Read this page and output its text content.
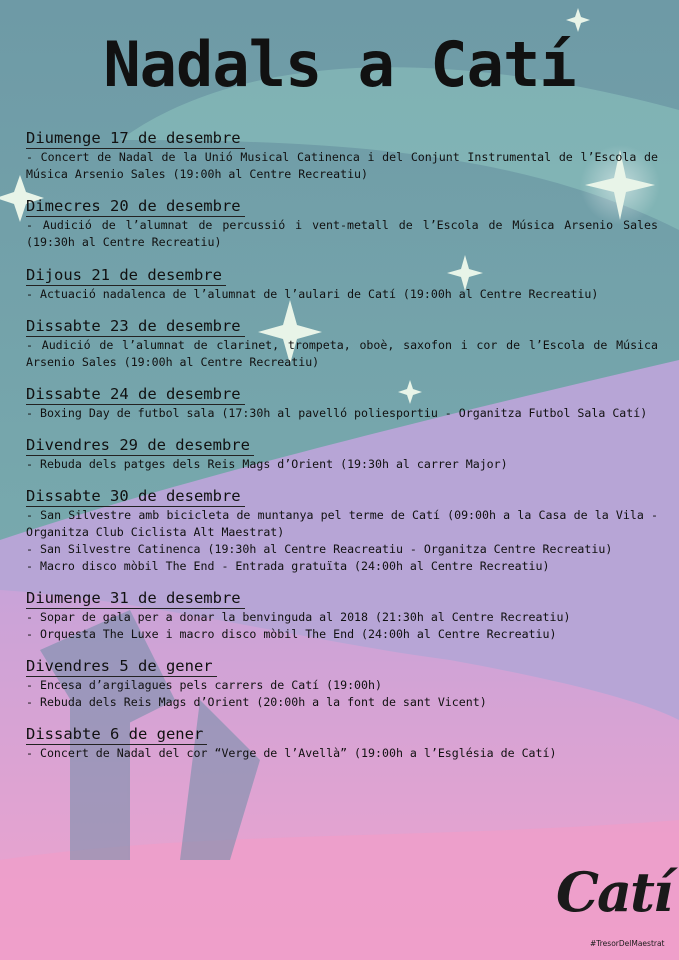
Nadals a Catí
Diumenge 17 de desembre

- Concert de Nadal de la Unió Musical Catinenca i del Conjunt Instrumental de l’Escola de Música Arsenio Sales (19:00h al Centre Recreatiu)

Dimecres 20 de desembre

- Audició de l’alumnat de percussió i vent-metall de l’Escola de Música Arsenio Sales (19:30h al Centre Recreatiu)

Dijous 21 de desembre

- Actuació nadalenca de l’alumnat de l’aulari de Catí (19:00h al Centre Recreatiu)

Dissabte 23 de desembre

- Audició de l’alumnat de clarinet, trompeta, oboè, saxofon i cor de l’Escola de Música Arsenio Sales (19:00h al Centre Recreatiu)

Dissabte 24 de desembre

- Boxing Day de futbol sala (17:30h al pavelló poliesportiu - Organitza Futbol Sala Catí)

Divendres 29 de desembre

- Rebuda dels patges dels Reis Mags d’Orient (19:30h al carrer Major)

Dissabte 30 de desembre

- San Silvestre amb bicicleta de muntanya pel terme de Catí (09:00h a la Casa de la Vila - Organitza Club Ciclista Alt Maestrat)

- San Silvestre Catinenca (19:30h al Centre Reacreatiu - Organitza Centre Recreatiu)

- Macro disco mòbil The End - Entrada gratuïta (24:00h al Centre Recreatiu)

Diumenge 31 de desembre

- Sopar de gala per a donar la benvinguda al 2018 (21:30h al Centre Recreatiu)

- Orquesta The Luxe i macro disco mòbil The End (24:00h al Centre Recreatiu)

Divendres 5 de gener

- Encesa d’argilagues pels carrers de Catí (19:00h)

- Rebuda dels Reis Mags d’Orient (20:00h a la font de sant Vicent)

Dissabte 6 de gener

- Concert de Nadal del cor “Verge de l’Avellà” (19:00h a l’Església de Catí)

Catí
#TresorDelMaestrat
